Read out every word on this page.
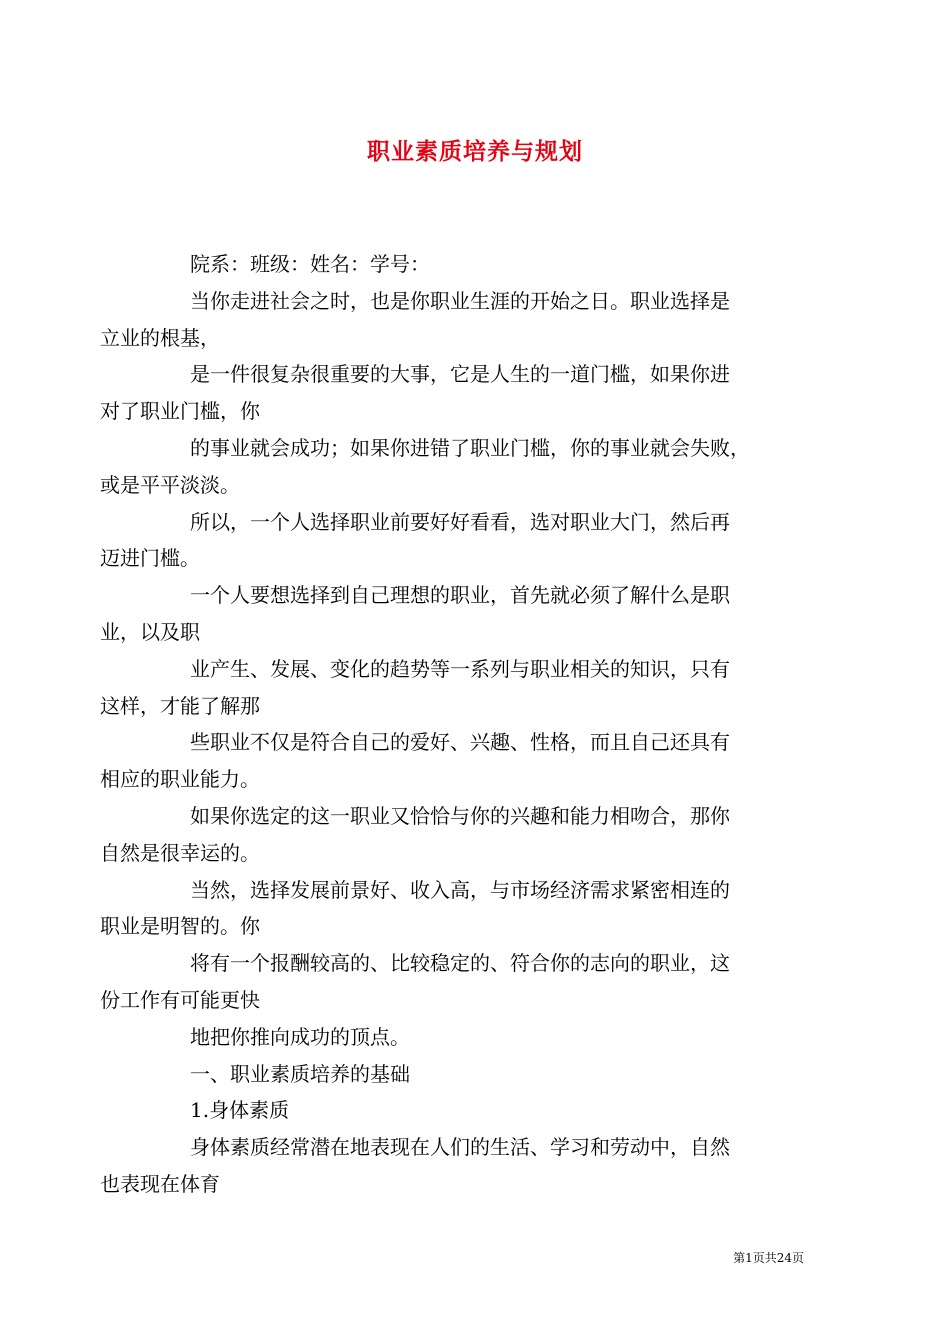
职业素质培养与规划

院系：班级：姓名：学号：

当你走进社会之时，也是你职业生涯的开始之日。职业选择是
立业的根基，

是一件很复杂很重要的大事，它是人生的一道门槛，如果你进
对了职业门槛，你

的事业就会成功；如果你进错了职业门槛，你的事业就会失败，
或是平平淡淡。

所以，一个人选择职业前要好好看看，选对职业大门，然后再
迈进门槛。

一个人要想选择到自己理想的职业，首先就必须了解什么是职
业，以及职

业产生、发展、变化的趋势等一系列与职业相关的知识，只有
这样，才能了解那

些职业不仅是符合自己的爱好、兴趣、性格，而且自己还具有
相应的职业能力。

如果你选定的这一职业又恰恰与你的兴趣和能力相吻合，那你
自然是很幸运的。

当然，选择发展前景好、收入高，与市场经济需求紧密相连的
职业是明智的。你

将有一个报酬较高的、比较稳定的、符合你的志向的职业，这
份工作有可能更快

地把你推向成功的顶点。

一、职业素质培养的基础

1.身体素质

身体素质经常潜在地表现在人们的生活、学习和劳动中，自然
也表现在体育

第1页共24页
